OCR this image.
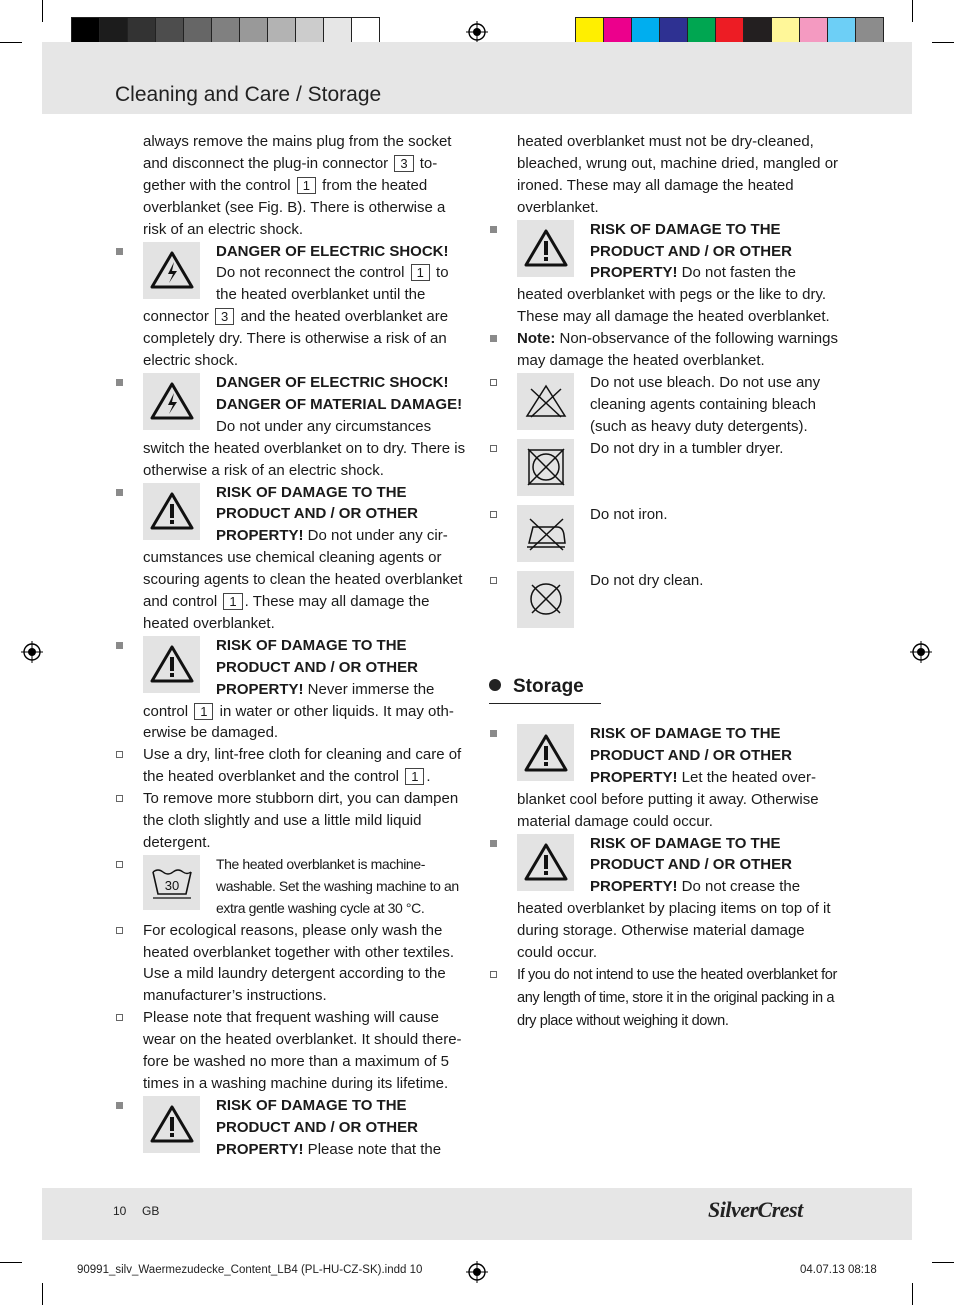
Cleaning and Care / Storage

always remove the mains plug from the socket and disconnect the plug-in connector 3 together with the control 1 from the heated overblanket (see Fig. B). There is otherwise a risk of an electric shock.

DANGER OF ELECTRIC SHOCK! Do not reconnect the control 1 to the heated overblanket until the connector 3 and the heated overblanket are completely dry. There is otherwise a risk of an electric shock.

DANGER OF ELECTRIC SHOCK! DANGER OF MATERIAL DAMAGE! Do not under any circumstances switch the heated overblanket on to dry. There is otherwise a risk of an electric shock.

RISK OF DAMAGE TO THE PRODUCT AND / OR OTHER PROPERTY! Do not under any circumstances use chemical cleaning agents or scouring agents to clean the heated overblanket and control 1 . These may all damage the heated overblanket.

RISK OF DAMAGE TO THE PRODUCT AND / OR OTHER PROPERTY! Never immerse the control 1 in water or other liquids. It may otherwise be damaged.

Use a dry, lint-free cloth for cleaning and care of the heated overblanket and the control 1 .

To remove more stubborn dirt, you can dampen the cloth slightly and use a little mild liquid detergent.

30
The heated overblanket is machine-washable. Set the washing machine to an extra gentle washing cycle at 30 °C.

For ecological reasons, please only wash the heated overblanket together with other textiles. Use a mild laundry detergent according to the manufacturer’s instructions.

Please note that frequent washing will cause wear on the heated overblanket. It should therefore be washed no more than a maximum of 5 times in a washing machine during its lifetime.

RISK OF DAMAGE TO THE PRODUCT AND / OR OTHER PROPERTY! Please note that the

heated overblanket must not be dry-cleaned, bleached, wrung out, machine dried, mangled or ironed. These may all damage the heated overblanket.

RISK OF DAMAGE TO THE PRODUCT AND / OR OTHER PROPERTY! Do not fasten the heated overblanket with pegs or the like to dry. These may all damage the heated overblanket.

Note: Non-observance of the following warnings may damage the heated overblanket.

Do not use bleach. Do not use any cleaning agents containing bleach (such as heavy duty detergents).

Do not dry in a tumbler dryer.

Do not iron.

Do not dry clean.

Storage

RISK OF DAMAGE TO THE PRODUCT AND / OR OTHER PROPERTY! Let the heated overblanket cool before putting it away. Otherwise material damage could occur.

RISK OF DAMAGE TO THE PRODUCT AND / OR OTHER PROPERTY! Do not crease the heated overblanket by placing items on top of it during storage. Otherwise material damage could occur.

If you do not intend to use the heated overblanket for any length of time, store it in the original packing in a dry place without weighing it down.

10 GB	SilverCrest
90991_silv_Waermezudecke_Content_LB4 (PL-HU-CZ-SK).indd 10	04.07.13 08:18
